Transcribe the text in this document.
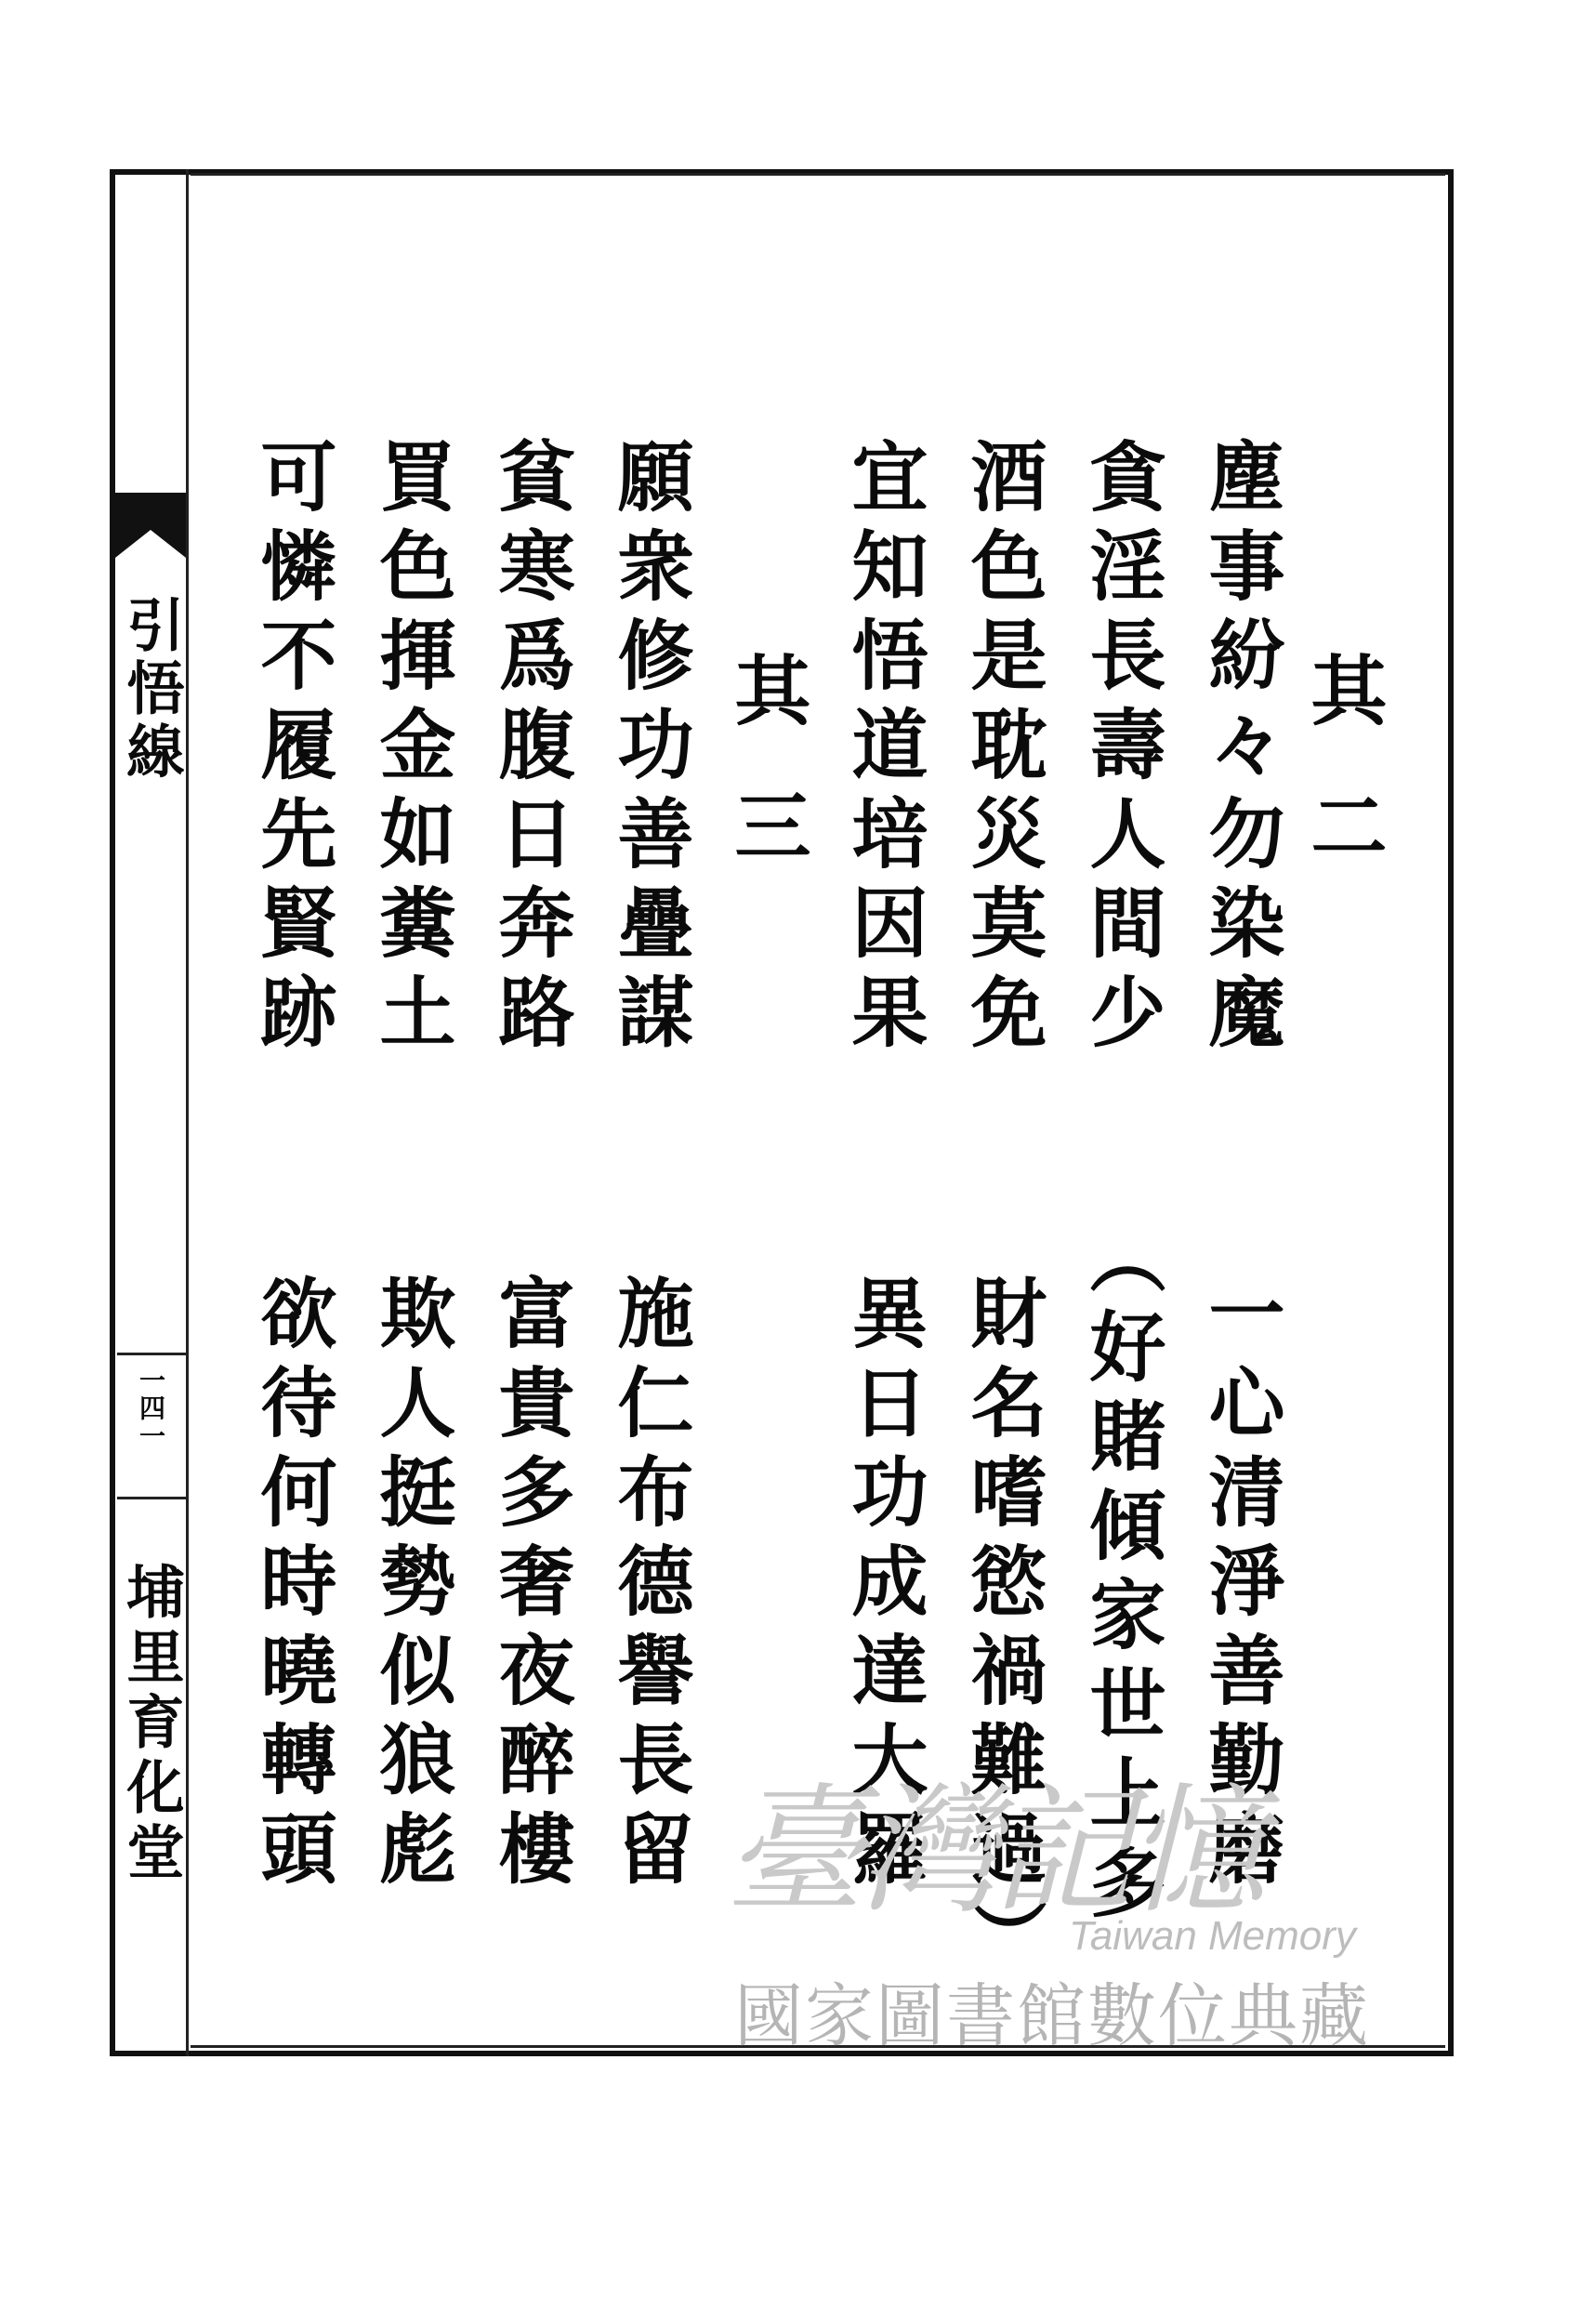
引悟線
一四一
埔里育化堂
其二
塵事紛々勿染魔
一心清淨善勤磨
貪淫長壽人間少
（好賭傾家世上多
酒色是耽災莫免
財名嗜慾禍難過）
宜知悟道培因果
異日功成達大羅
其三
願衆修功善疊謀
施仁布德譽長留
貧寒爲腹日奔路
富貴多奢夜醉樓
買色揮金如糞土
欺人挺勢似狼彪
可憐不履先賢跡
欲待何時曉轉頭	臺灣記憶
Taiwan Memory
國家圖書館數位典藏
